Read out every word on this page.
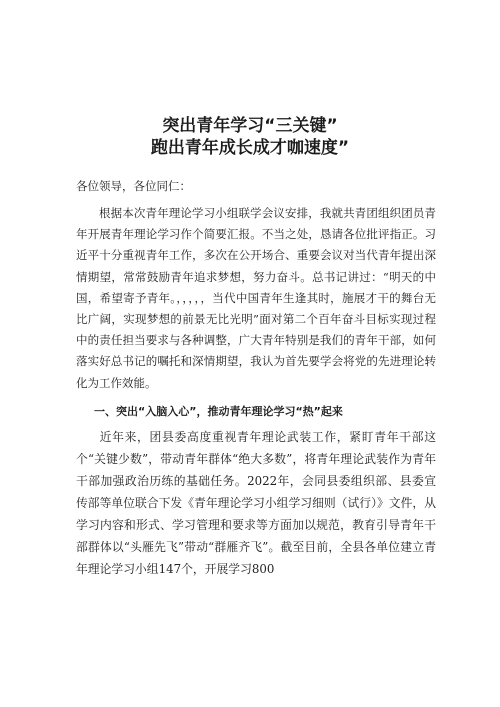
突出青年学习“三关键”
跑出青年成长成才咖速度”
各位领导，各位同仁：

根据本次青年理论学习小组联学会议安排，我就共青团组织团员青年开展青年理论学习作个简要汇报。不当之处，恳请各位批评指正。习近平十分重视青年工作，多次在公开场合、重要会议对当代青年提出深情期望，常常鼓励青年追求梦想，努力奋斗。总书记讲过：“明天的中国，希望寄予青年。，，，，，当代中国青年生逢其时，施展才干的舞台无比广阔，实现梦想的前景无比光明”面对第二个百年奋斗目标实现过程中的责任担当要求与各种调整，广大青年特别是我们的青年干部，如何落实好总书记的嘱托和深情期望，我认为首先要学会将党的先进理论转化为工作效能。

一、突出“入脑入心”，推动青年理论学习“热”起来

近年来，团县委高度重视青年理论武装工作，紧盯青年干部这个“关键少数”，带动青年群体“绝大多数”，将青年理论武装作为青年干部加强政治历练的基础任务。2022年，会同县委组织部、县委宣传部等单位联合下发《青年理论学习小组学习细则（试行）》文件，从学习内容和形式、学习管理和要求等方面加以规范，教育引导青年干部群体以“头雁先飞”带动“群雁齐飞”。截至目前，全县各单位建立青年理论学习小组147个，开展学习800
